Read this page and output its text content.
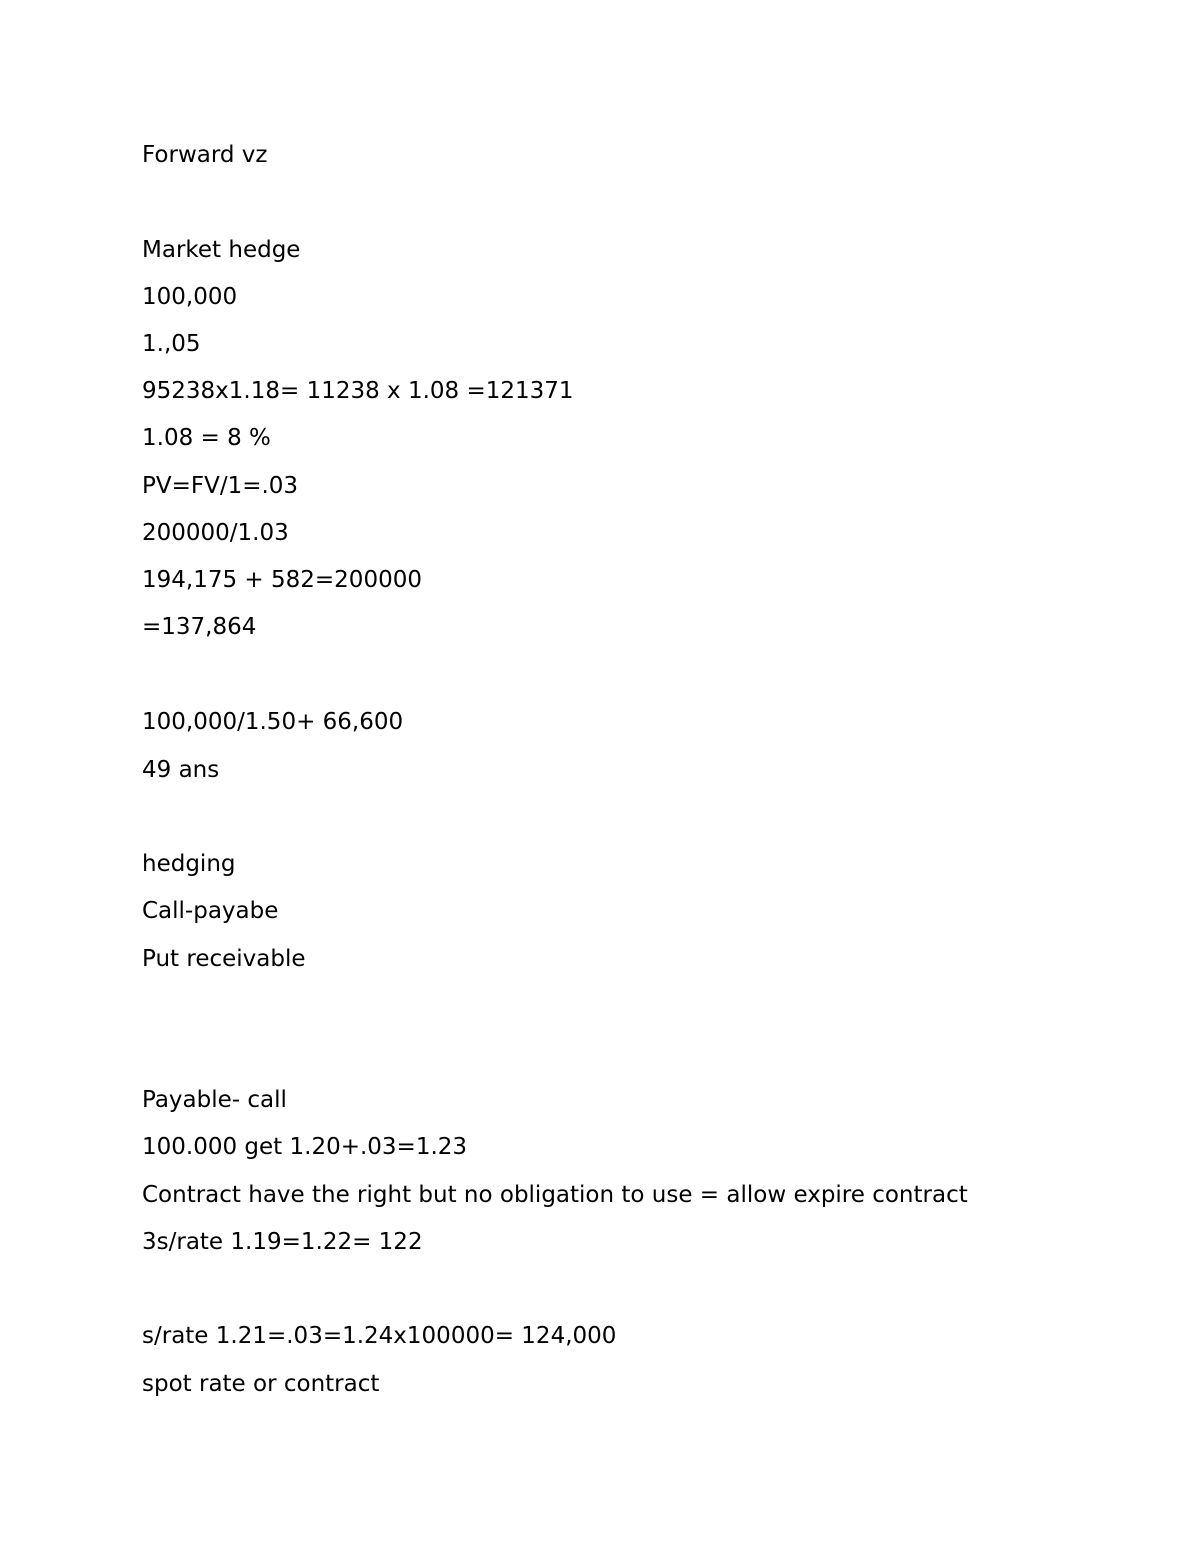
Forward vz
Market hedge
100,000
1.,05
95238x1.18= 11238 x 1.08 =121371
1.08 = 8 %
PV=FV/1=.03
200000/1.03
194,175 + 582=200000
=137,864
100,000/1.50+ 66,600
49 ans
hedging
Call-payabe
Put receivable
Payable- call
100.000 get 1.20+.03=1.23
Contract have the right but no obligation to use = allow expire contract
3s/rate 1.19=1.22= 122
s/rate 1.21=.03=1.24x100000= 124,000
spot rate or contract
